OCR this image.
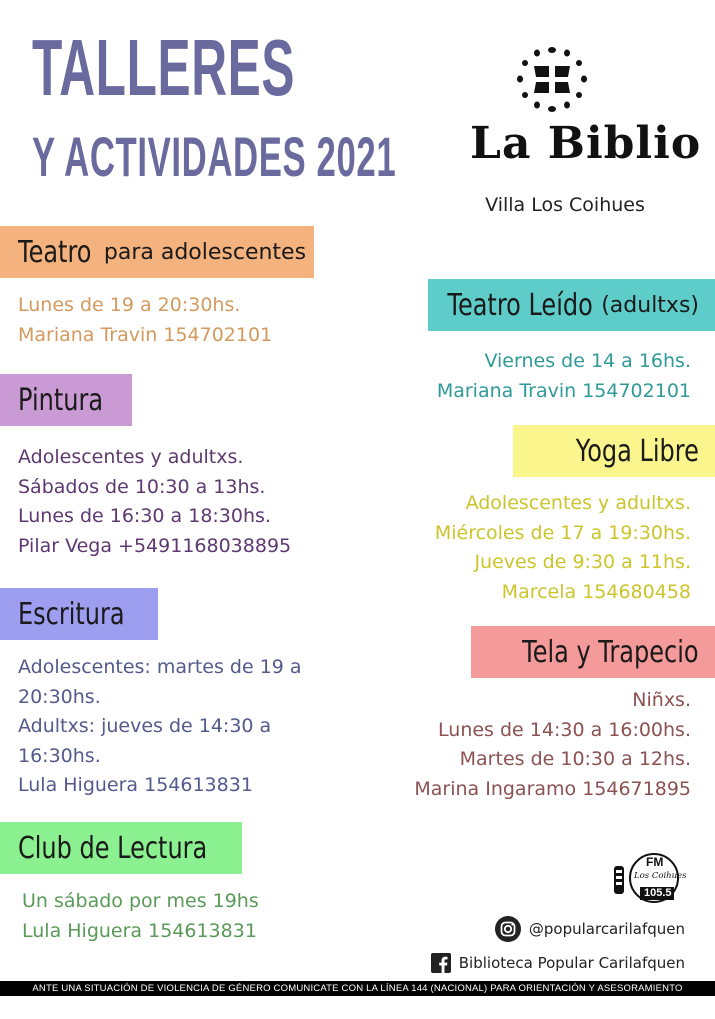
TALLERES
Y ACTIVIDADES 2021 La Biblio
Villa Los Coihues
Teatro para adolescentes

Lunes de 19 a 20:30hs.

Mariana Travin 154702101

Teatro Leído (adultxs)

Viernes de 14 a 16hs.

Mariana Travin 154702101

Pintura

Adolescentes y adultxs.

Sábados de 10:30 a 13hs.

Lunes de 16:30 a 18:30hs.

Pilar Vega +5491168038895

Yoga Libre

Adolescentes y adultxs.

Miércoles de 17 a 19:30hs.

Jueves de 9:30 a 11hs.

Marcela 154680458

Escritura

Adolescentes: martes de 19 a

20:30hs.

Adultxs: jueves de 14:30 a

16:30hs.

Lula Higuera 154613831

Tela y Trapecio

Niñxs.

Lunes de 14:30 a 16:00hs.

Martes de 10:30 a 12hs.

Marina Ingaramo 154671895

Club de Lectura

Un sábado por mes 19hs

Lula Higuera 154613831

FM
Los Coihues
105.5
@popularcarilafquen
Biblioteca Popular Carilafquen
ANTE UNA SITUACIÓN DE VIOLENCIA DE GÉNERO COMUNICATE CON LA LÍNEA 144 (NACIONAL) PARA ORIENTACIÓN Y ASESORAMIENTO
